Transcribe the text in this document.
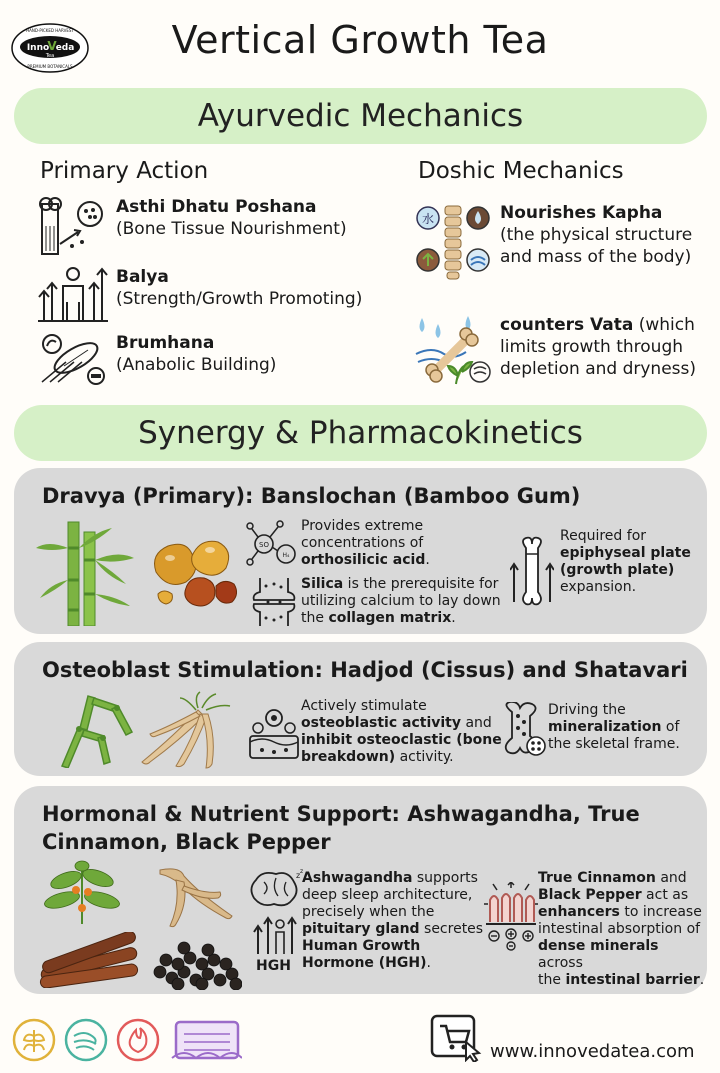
HAND-PICKED HARVEST
Inno
V eda
Tea
PREMIUM BOTANICALS
Vertical Growth Tea
Ayurvedic Mechanics
Primary Action	Doshic Mechanics
Asthi Dhatu Poshana
(Bone Tissue Nourishment)
Balya
(Strength/Growth Promoting)
Brumhana
(Anabolic Building)
水	Nourishes Kapha
(the physical structure
and mass of the body)
counters Vata (which
limits growth through
depletion and dryness)
Synergy & Pharmacokinetics
Dravya (Primary): Banslochan (Bamboo Gum)
SO
H₄
Provides extreme
concentrations of
orthosilicic acid.
Silica is the prerequisite for
utilizing calcium to lay down
the collagen matrix.
Required for
epiphyseal plate
(growth plate)
expansion.
Osteoblast Stimulation: Hadjod (Cissus) and Shatavari
Actively stimulate
osteoblastic activity and
inhibit osteoclastic (bone
breakdown) activity.
Driving the
mineralization of
the skeletal frame.
Hormonal & Nutrient Support: Ashwagandha, True
Cinnamon, Black Pepper
z z
HGH
Ashwagandha supports
deep sleep architecture,
precisely when the
pituitary gland secretes
Human Growth
Hormone (HGH).
True Cinnamon and
Black Pepper act as
enhancers to increase
intestinal absorption of
dense minerals across
the intestinal barrier.
www.innovedatea.com
